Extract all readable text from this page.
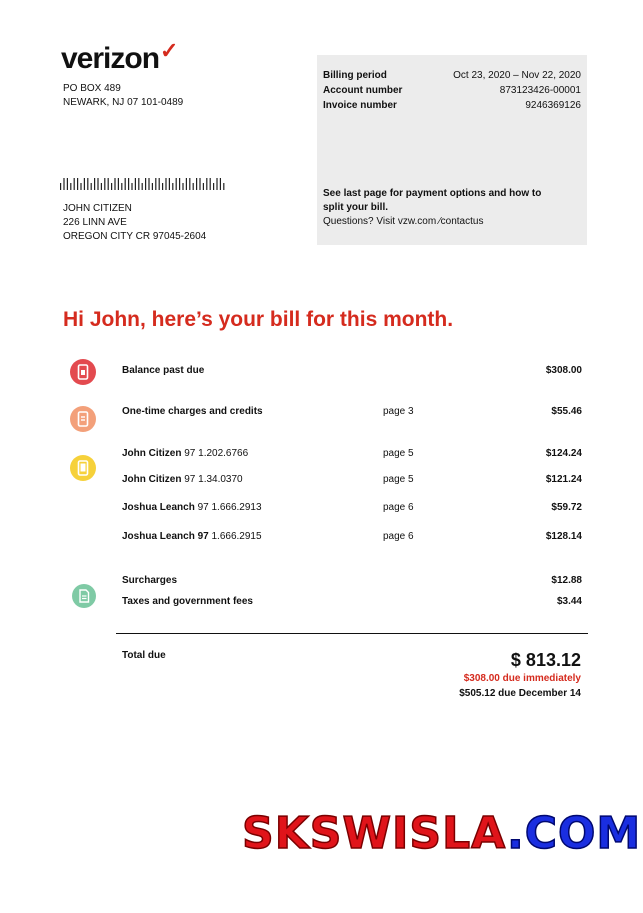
verizon✓
PO BOX 489
NEWARK, NJ 07 101-0489
Billing period	Oct 23, 2020 – Nov 22, 2020
Account number	873123426-00001
Invoice number	9246369126
See last page for payment options and how to split your bill.
Questions? Visit vzw.com ⁄contactus
JOHN CITIZEN
226 LINN AVE
OREGON CITY CR 97045-2604
Hi John, here’s your bill for this month.
Balance past due	$308.00
One-time charges and credits	page 3	$55.46
John Citizen 97 1.202.6766	page 5	$124.24
John Citizen 97 1.34.0370	page 5	$121.24
Joshua Leanch 97 1.666.2913	page 6	$59.72
Joshua Leanch 97 1.666.2915	page 6	$128.14
Surcharges	$12.88
Taxes and government fees	$3.44
Total due	$ 813.12
$308.00 due immediately
$505.12 due December 14
SKSWISLA.COM
